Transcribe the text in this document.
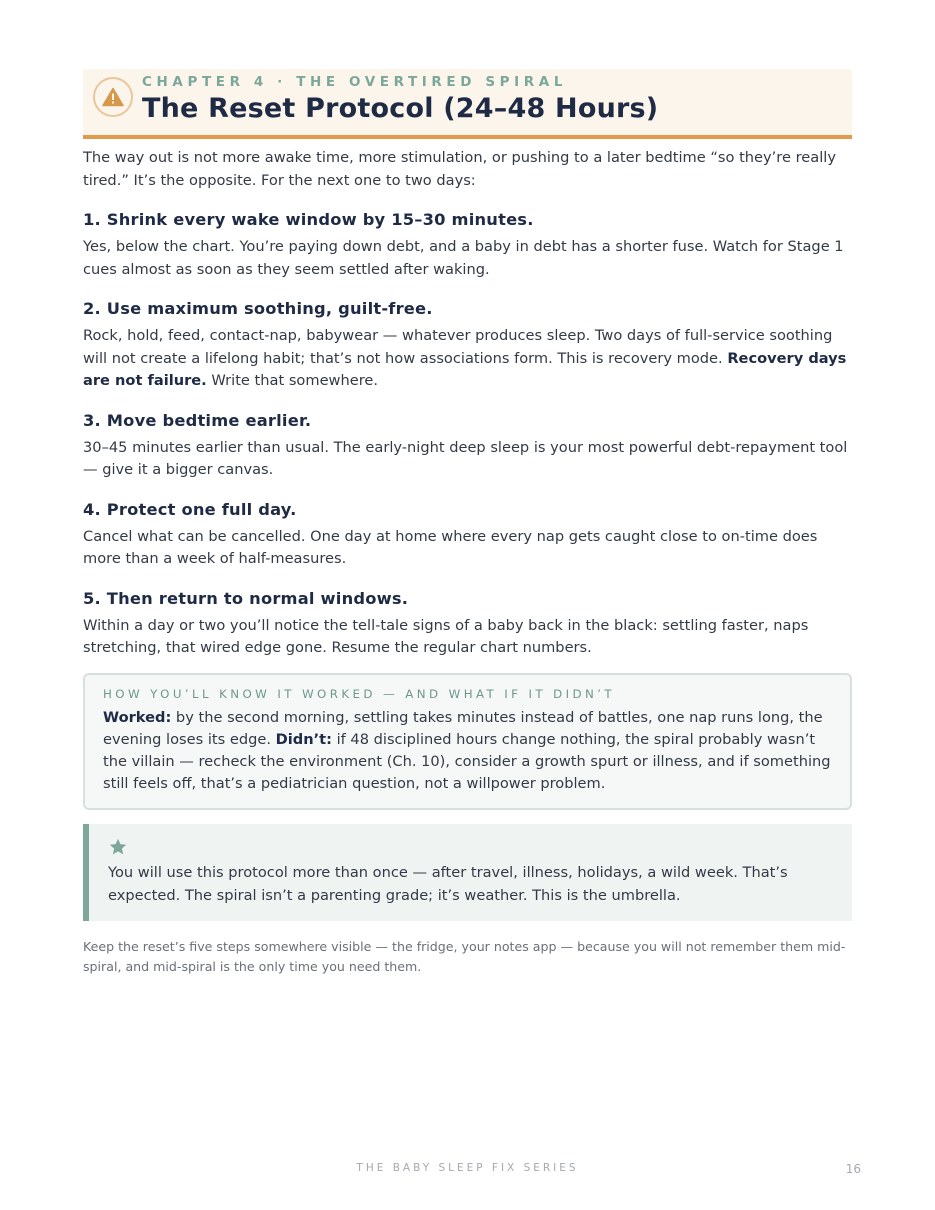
CHAPTER 4 · THE OVERTIRED SPIRAL
The Reset Protocol (24–48 Hours)

The way out is not more awake time, more stimulation, or pushing to a later bedtime “so they’re really tired.” It’s the opposite. For the next one to two days:

1. Shrink every wake window by 15–30 minutes.

Yes, below the chart. You’re paying down debt, and a baby in debt has a shorter fuse. Watch for Stage 1 cues almost as soon as they seem settled after waking.

2. Use maximum soothing, guilt-free.

Rock, hold, feed, contact-nap, babywear — whatever produces sleep. Two days of full-service soothing will not create a lifelong habit; that’s not how associations form. This is recovery mode. Recovery days are not failure. Write that somewhere.

3. Move bedtime earlier.

30–45 minutes earlier than usual. The early-night deep sleep is your most powerful debt-repayment tool — give it a bigger canvas.

4. Protect one full day.

Cancel what can be cancelled. One day at home where every nap gets caught close to on-time does more than a week of half-measures.

5. Then return to normal windows.

Within a day or two you’ll notice the tell-tale signs of a baby back in the black: settling faster, naps stretching, that wired edge gone. Resume the regular chart numbers.

HOW YOU’LL KNOW IT WORKED — AND WHAT IF IT DIDN’T
Worked: by the second morning, settling takes minutes instead of battles, one nap runs long, the evening loses its edge. Didn’t: if 48 disciplined hours change nothing, the spiral probably wasn’t the villain — recheck the environment (Ch. 10), consider a growth spurt or illness, and if something still feels off, that’s a pediatrician question, not a willpower problem.
You will use this protocol more than once — after travel, illness, holidays, a wild week. That’s expected. The spiral isn’t a parenting grade; it’s weather. This is the umbrella.

Keep the reset’s five steps somewhere visible — the fridge, your notes app — because you will not remember them mid-spiral, and mid-spiral is the only time you need them.

THE BABY SLEEP FIX SERIES	16
